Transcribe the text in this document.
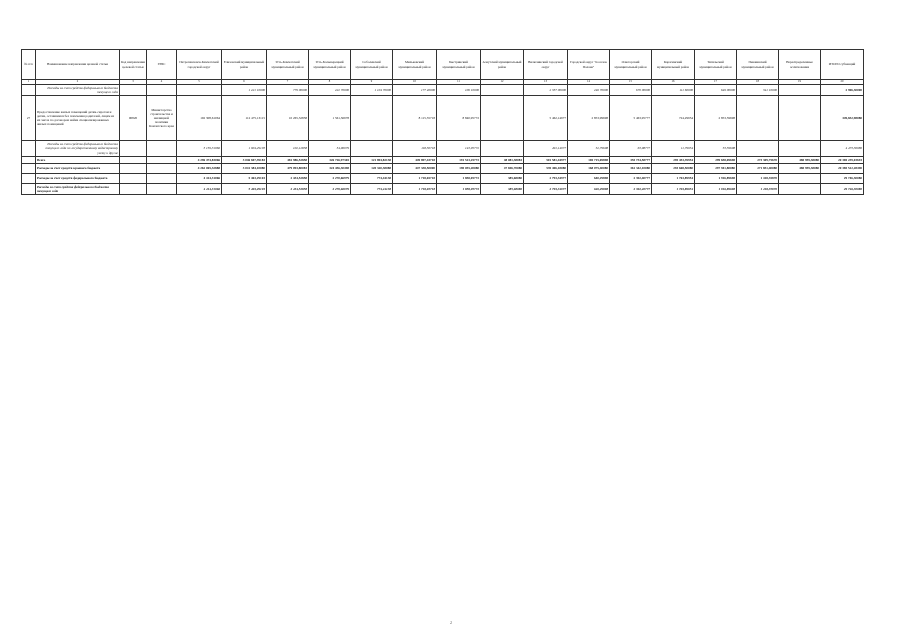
№ п/п	Наименование направления целевой статьи	Код направления целевой статьи	ГРБС	Петропавловск-Камчатский городской округ	Елизовский муниципальный район	Усть-Камчатский муниципальный район	Усть-Большерецкий муниципальный район	Соболевский муниципальный район	Мильковский муниципальный район	Быстринский муниципальный район	Алеутский муниципальный район	Вилючинский городской округ	Городской округ "поселок Палана"	Олюторский муниципальный район	Карагинский муниципальный район	Тигильский муниципальный район	Пенжинский муниципальный район	Нераспределенные ассигнования	ИТОГО субвенций
1	2	3	4	5	6	7	8	9	10	11	12	13	14	15	16	17	18	19	20
	Расходы за счет средств федерального бюджета текущего года				1 221 10000	779 00000	222 70000	1 104 70000	177 40000	106 10000		2 337 00000	246 70000	670 00000	111 60000	649 00000	341 10000		2 906,30000
27	Предоставление жилых помещений детям-сиротам и детям, оставшимся без попечения родителей, лицам из их числа по договорам найма специализированных жилых помещений	00820	Министерство строительства и жилищной политики Камчатского края	192 308,61064	112 475,13115	10 265,32858	1 561,36978		8 115,35718	8 840,95772		5 462,14977	2 853,99698	5 463,95777	724,29954	2 853,59698			349,832,98080
	Расходы за счет средств федерального бюджета текущего года по государственному кадастровому учету и другие			3 159,31066	1 004,29103	102,12858	34,96979		118,50718	143,95772		491,14977	52,79698	63,98777	11,79954	53,59698			4 473,36080
	Всего			4 296 474,83066	3 046 847,39183	481 986,52858	326 726,97365	121 894,82138	449 897,43718	191 513,25772	48 081,38083	501 581,44977	169 715,69898	355 734,58777	295 453,39954	299 658,69698	273 309,75670	480 959,38080	20 369 239,03693
	Расходы за счет средств краевого бюджета			4 262 065,32888	3 041 384,10080	479 093,80083	324 456,30498	120 320,38088	447 338,50000	190 055,20080	47 696,70080	539 406,18080	168 075,40080	361 342,10080	293 668,50080	297 941,80080	271 851,40080	480 959,38080	20 385 512,28490
	Расходы за счет средств федерального бюджета			4 414,31066	5 463,29103	2 434,52858	2 270,66979	774,44138	1 718,65718	1 858,05772	385,68080	2 793,34977	640,29898	2 392,40777	1 763,89954	1 916,89698	1 418,35870		29 746,30080
	Расходы за счет средств федерального бюджета текущего года			4 414,31066	5 463,29103	2 434,52858	2 270,66979	774,44138	1 718,65718	1 858,05772	385,68080	2 793,34977	640,29898	2 392,40777	1 763,89954	1 916,89698	1 418,35870		29 746,30080
2
